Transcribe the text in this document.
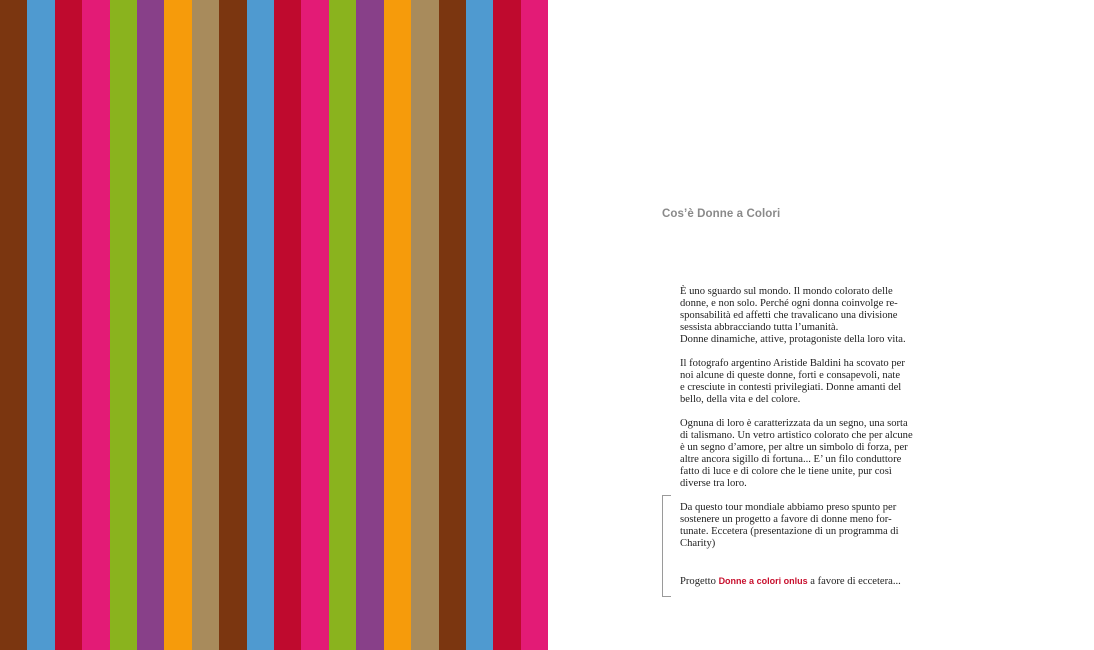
Cos’è Donne a Colori

È uno sguardo sul mondo. Il mondo colorato delle
donne, e non solo. Perché ogni donna coinvolge re-
sponsabilità ed affetti che travalicano una divisione
sessista abbracciando tutta l’umanità.
Donne dinamiche, attive, protagoniste della loro vita.

Il fotografo argentino Aristide Baldini ha scovato per
noi alcune di queste donne, forti e consapevoli, nate
e cresciute in contesti privilegiati. Donne amanti del
bello, della vita e del colore.

Ognuna di loro è caratterizzata da un segno, una sorta
di talismano. Un vetro artistico colorato che per alcune
è un segno d’amore, per altre un simbolo di forza, per
altre ancora sigillo di fortuna... E’ un filo conduttore
fatto di luce e di colore che le tiene unite, pur così
diverse tra loro.

Da questo tour mondiale abbiamo preso spunto per
sostenere un progetto a favore di donne meno for-
tunate. Eccetera (presentazione di un programma di
Charity)

Progetto Donne a colori onlus a favore di eccetera...
